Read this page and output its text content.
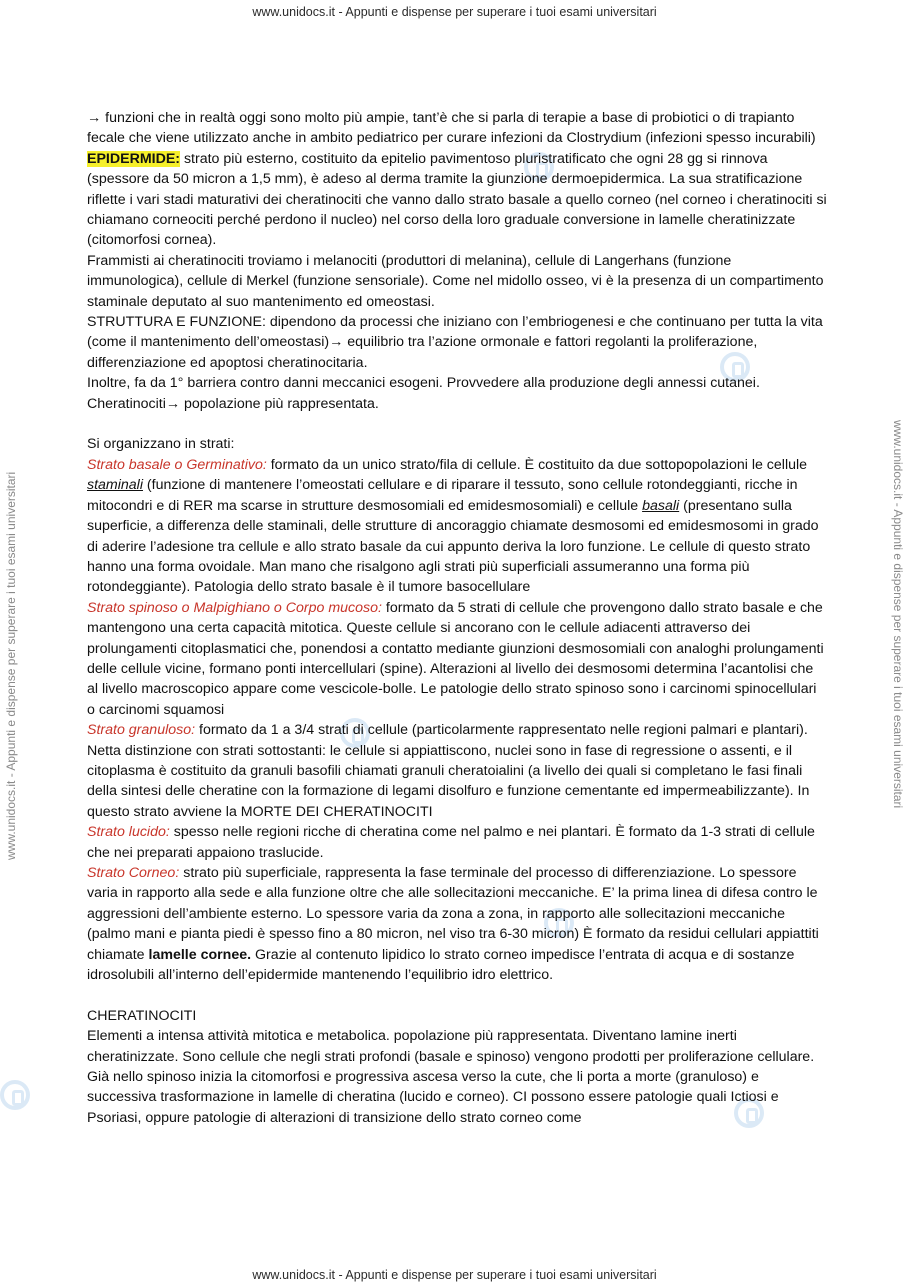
www.unidocs.it - Appunti e dispense per superare i tuoi esami universitari
www.unidocs.it - Appunti e dispense per superare i tuoi esami universitari	www.unidocs.it - Appunti e dispense per superare i tuoi esami universitari

→ funzioni che in realtà oggi sono molto più ampie, tant’è che si parla di terapie a base di probiotici o di trapianto fecale che viene utilizzato anche in ambito pediatrico per curare infezioni da Clostrydium (infezioni spesso incurabili)

EPIDERMIDE: strato più esterno, costituito da epitelio pavimentoso pluristratificato che ogni 28 gg si rinnova (spessore da 50 micron a 1,5 mm), è adeso al derma tramite la giunzione dermoepidermica. La sua stratificazione riflette i vari stadi maturativi dei cheratinociti che vanno dallo strato basale a quello corneo (nel corneo i cheratinociti si chiamano corneociti perché perdono il nucleo) nel corso della loro graduale conversione in lamelle cheratinizzate (citomorfosi cornea).

Frammisti ai cheratinociti troviamo i melanociti (produttori di melanina), cellule di Langerhans (funzione immunologica), cellule di Merkel (funzione sensoriale). Come nel midollo osseo, vi è la presenza di un compartimento staminale deputato al suo mantenimento ed omeostasi.

STRUTTURA E FUNZIONE: dipendono da processi che iniziano con l’embriogenesi e che continuano per tutta la vita (come il mantenimento dell’omeostasi)→ equilibrio tra l’azione ormonale e fattori regolanti la proliferazione, differenziazione ed apoptosi cheratinocitaria.

Inoltre, fa da 1° barriera contro danni meccanici esogeni. Provvedere alla produzione degli annessi cutanei.

Cheratinociti→ popolazione più rappresentata.

Si organizzano in strati:

Strato basale o Germinativo: formato da un unico strato/fila di cellule. È costituito da due sottopopolazioni le cellule staminali (funzione di mantenere l’omeostati cellulare e di riparare il tessuto, sono cellule rotondeggianti, ricche in mitocondri e di RER ma scarse in strutture desmosomiali ed emidesmosomiali) e cellule basali (presentano sulla superficie, a differenza delle staminali, delle strutture di ancoraggio chiamate desmosomi ed emidesmosomi in grado di aderire l’adesione tra cellule e allo strato basale da cui appunto deriva la loro funzione. Le cellule di questo strato hanno una forma ovoidale. Man mano che risalgono agli strati più superficiali assumeranno una forma più rotondeggiante). Patologia dello strato basale è il tumore basocellulare

Strato spinoso o Malpighiano o Corpo mucoso: formato da 5 strati di cellule che provengono dallo strato basale e che mantengono una certa capacità mitotica. Queste cellule si ancorano con le cellule adiacenti attraverso dei prolungamenti citoplasmatici che, ponendosi a contatto mediante giunzioni desmosomiali con analoghi prolungamenti delle cellule vicine, formano ponti intercellulari (spine). Alterazioni al livello dei desmosomi determina l’acantolisi che al livello macroscopico appare come vescicole-bolle. Le patologie dello strato spinoso sono i carcinomi spinocellulari o carcinomi squamosi

Strato granuloso: formato da 1 a 3/4 strati di cellule (particolarmente rappresentato nelle regioni palmari e plantari). Netta distinzione con strati sottostanti: le cellule si appiattiscono, nuclei sono in fase di regressione o assenti, e il citoplasma è costituito da granuli basofili chiamati granuli cheratoialini (a livello dei quali si completano le fasi finali della sintesi delle cheratine con la formazione di legami disolfuro e funzione cementante ed impermeabilizzante). In questo strato avviene la MORTE DEI CHERATINOCITI

Strato lucido: spesso nelle regioni ricche di cheratina come nel palmo e nei plantari. È formato da 1-3 strati di cellule che nei preparati appaiono traslucide.

Strato Corneo: strato più superficiale, rappresenta la fase terminale del processo di differenziazione. Lo spessore varia in rapporto alla sede e alla funzione oltre che alle sollecitazioni meccaniche. E’ la prima linea di difesa contro le aggressioni dell’ambiente esterno. Lo spessore varia da zona a zona, in rapporto alle sollecitazioni meccaniche (palmo mani e pianta piedi è spesso fino a 80 micron, nel viso tra 6-30 micron) È formato da residui cellulari appiattiti chiamate lamelle cornee. Grazie al contenuto lipidico lo strato corneo impedisce l’entrata di acqua e di sostanze idrosolubili all’interno dell’epidermide mantenendo l’equilibrio idro elettrico.

CHERATINOCITI

Elementi a intensa attività mitotica e metabolica. popolazione più rappresentata. Diventano lamine inerti cheratinizzate. Sono cellule che negli strati profondi (basale e spinoso) vengono prodotti per proliferazione cellulare. Già nello spinoso inizia la citomorfosi e progressiva ascesa verso la cute, che li porta a morte (granuloso) e successiva trasformazione in lamelle di cheratina (lucido e corneo). CI possono essere patologie quali Ictiosi e Psoriasi, oppure patologie di alterazioni di transizione dello strato corneo come

www.unidocs.it - Appunti e dispense per superare i tuoi esami universitari
